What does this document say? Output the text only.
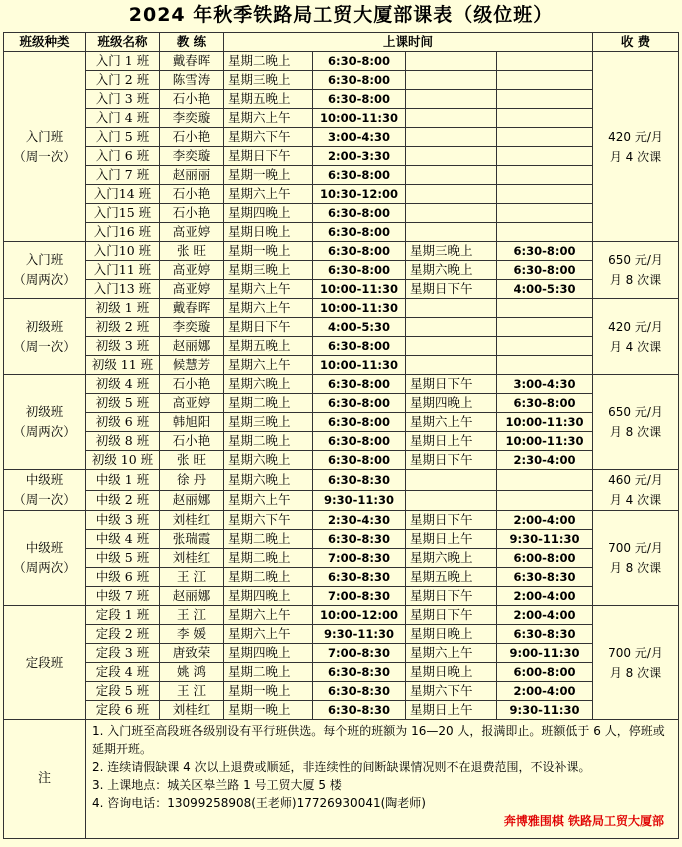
2024 年秋季铁路局工贸大厦部课表（级位班）
班级种类	班级名称	教 练	上课时间				收 费
入门班
（周一次）	入门 1 班	戴春晖	星期二晚上	6:30-8:00			420 元/月
月 4 次课
	入门 2 班	陈雪涛	星期三晚上	6:30-8:00			
	入门 3 班	石小艳	星期五晚上	6:30-8:00			
	入门 4 班	李奕璇	星期六上午	10:00-11:30			
	入门 5 班	石小艳	星期六下午	3:00-4:30			
	入门 6 班	李奕璇	星期日下午	2:00-3:30			
	入门 7 班	赵丽丽	星期一晚上	6:30-8:00			
	入门14 班	石小艳	星期六上午	10:30-12:00			
	入门15 班	石小艳	星期四晚上	6:30-8:00			
	入门16 班	高亚婷	星期日晚上	6:30-8:00			
入门班
（周两次）	入门10 班	张 旺	星期一晚上	6:30-8:00	星期三晚上	6:30-8:00	650 元/月
月 8 次课
	入门11 班	高亚婷	星期三晚上	6:30-8:00	星期六晚上	6:30-8:00	
	入门13 班	高亚婷	星期六上午	10:00-11:30	星期日下午	4:00-5:30	
初级班
（周一次）	初级 1 班	戴春晖	星期六上午	10:00-11:30			420 元/月
月 4 次课
	初级 2 班	李奕璇	星期日下午	4:00-5:30			
	初级 3 班	赵丽娜	星期五晚上	6:30-8:00			
	初级 11 班	候慧芳	星期六上午	10:00-11:30			
初级班
（周两次）	初级 4 班	石小艳	星期六晚上	6:30-8:00	星期日下午	3:00-4:30	650 元/月
月 8 次课
	初级 5 班	高亚婷	星期二晚上	6:30-8:00	星期四晚上	6:30-8:00	
	初级 6 班	韩旭阳	星期三晚上	6:30-8:00	星期六上午	10:00-11:30	
	初级 8 班	石小艳	星期二晚上	6:30-8:00	星期日上午	10:00-11:30	
	初级 10 班	张 旺	星期六晚上	6:30-8:00	星期日下午	2:30-4:00	
中级班
（周一次）	中级 1 班	徐 丹	星期六晚上	6:30-8:30			460 元/月
月 4 次课
	中级 2 班	赵丽娜	星期六上午	9:30-11:30			
中级班
（周两次）	中级 3 班	刘桂红	星期六下午	2:30-4:30	星期日下午	2:00-4:00	700 元/月
月 8 次课
	中级 4 班	张瑞霞	星期二晚上	6:30-8:30	星期日上午	9:30-11:30	
	中级 5 班	刘桂红	星期二晚上	7:00-8:30	星期六晚上	6:00-8:00	
	中级 6 班	王 江	星期二晚上	6:30-8:30	星期五晚上	6:30-8:30	
	中级 7 班	赵丽娜	星期四晚上	7:00-8:30	星期日下午	2:00-4:00	
定段班	定段 1 班	王 江	星期六上午	10:00-12:00	星期日下午	2:00-4:00	700 元/月
月 8 次课
	定段 2 班	李 媛	星期六上午	9:30-11:30	星期日晚上	6:30-8:30	
	定段 3 班	唐致荣	星期四晚上	7:00-8:30	星期六上午	9:00-11:30	
	定段 4 班	姚 鸿	星期二晚上	6:30-8:30	星期日晚上	6:00-8:00	
	定段 5 班	王 江	星期一晚上	6:30-8:30	星期六下午	2:00-4:00	
	定段 6 班	刘桂红	星期一晚上	6:30-8:30	星期日上午	9:30-11:30	
注	1. 入门班至高段班各级别设有平行班供选。每个班的班额为 16—20 人，报满即止。班额低于 6 人，停班或延期开班。
2. 连续请假缺课 4 次以上退费或顺延，非连续性的间断缺课情况则不在退费范围，不设补课。
3. 上课地点：城关区皋兰路 1 号工贸大厦 5 楼
4. 咨询电话：13099258908(王老师)17726930041(陶老师)
奔博雅围棋 铁路局工贸大厦部						
